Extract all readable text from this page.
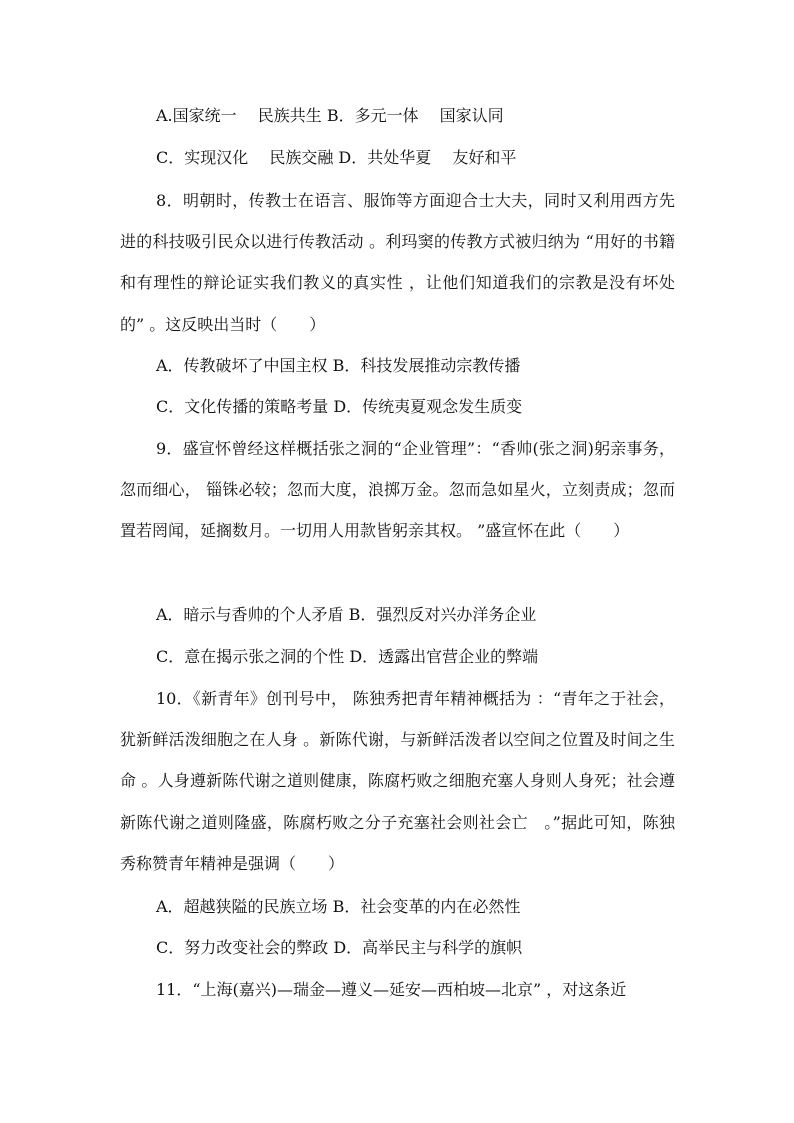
A.国家统一　 民族共生 B．多元一体　 国家认同
C．实现汉化　 民族交融 D．共处华夏　 友好和平
8．明朝时，传教士在语言、服饰等方面迎合士大夫，同时又利用西方先进的科技吸引民众以进行传教活动 。利玛窦的传教方式被归纳为 “用好的书籍和有理性的辩论证实我们教义的真实性 ，让他们知道我们的宗教是没有坏处的” 。这反映出当时（　　）
A．传教破坏了中国主权 B．科技发展推动宗教传播
C．文化传播的策略考量 D．传统夷夏观念发生质变
9．盛宣怀曾经这样概括张之洞的“企业管理”：“香帅(张之洞)躬亲事务，忽而细心， 锱铢必较；忽而大度，浪掷万金。忽而急如星火，立刻责成；忽而置若罔闻，延搁数月。一切用人用款皆躬亲其权。 ”盛宣怀在此（　　）
A．暗示与香帅的个人矛盾 B．强烈反对兴办洋务企业
C．意在揭示张之洞的个性 D．透露出官营企业的弊端
10．《新青年》创刊号中， 陈独秀把青年精神概括为 ：“青年之于社会，犹新鲜活泼细胞之在人身 。新陈代谢，与新鲜活泼者以空间之位置及时间之生命 。人身遵新陈代谢之道则健康，陈腐朽败之细胞充塞人身则人身死；社会遵新陈代谢之道则隆盛，陈腐朽败之分子充塞社会则社会亡　。”据此可知，陈独秀称赞青年精神是强调（　　）
A．超越狭隘的民族立场 B．社会变革的内在必然性
C．努力改变社会的弊政 D．高举民主与科学的旗帜
11．“上海(嘉兴)—瑞金—遵义—延安—西柏坡—北京” ，对这条近
